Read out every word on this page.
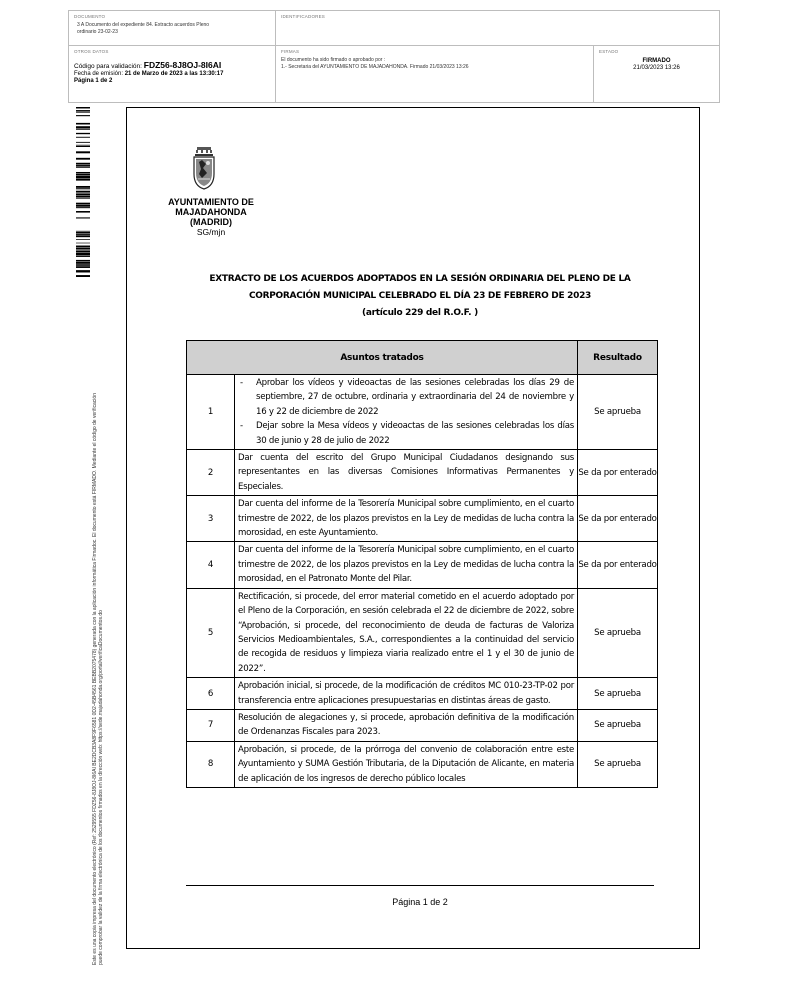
DOCUMENTO
3 A Documento del expediente 84. Extracto acuerdos Pleno ordinario 23-02-23
IDENTIFICADORES
OTROS DATOS
Código para validación: FDZ56-8J8OJ-8I6AI
Fecha de emisión: 21 de Marzo de 2023 a las 13:30:17
Página 1 de 2
FIRMAS
El documento ha sido firmado o aprobado por :
1.- Secretaria del AYUNTAMIENTO DE MAJADAHONDA. Firmado 21/03/2023 13:26
ESTADO
FIRMADO
21/03/2023 13:26
Este es una copia impresa del documento electrónico (Ref: 2529555 FDZ56-8J8OJ-8I6AI BE2DCB3A8F9F6581 0D2-45B4561 BEBB2075478) generada con la aplicación informática Firmadoc. El documento está FIRMADO. Mediante el código de verificación puede comprobar la validez de la firma electrónica de los documentos firmados en la dirección web: https://sede.majadahonda.org/portal/verificaDocumentos.do
AYUNTAMIENTO DE
MAJADAHONDA
(MADRID)
SG/mjn
EXTRACTO DE LOS ACUERDOS ADOPTADOS EN LA SESIÓN ORDINARIA DEL PLENO DE LA
CORPORACIÓN MUNICIPAL CELEBRADO EL DÍA 23 DE FEBRERO DE 2023
(artículo 229 del R.O.F. )
Asuntos tratados		Resultado
1	- Aprobar los vídeos y videoactas de las sesiones celebradas los días 29 de septiembre, 27 de octubre, ordinaria y extraordinaria del 24 de noviembre y 16 y 22 de diciembre de 2022
- Dejar sobre la Mesa vídeos y videoactas de las sesiones celebradas los días 30 de junio y 28 de julio de 2022	Se aprueba
2	Dar cuenta del escrito del Grupo Municipal Ciudadanos designando sus representantes en las diversas Comisiones Informativas Permanentes y Especiales.	Se da por enterado
3	Dar cuenta del informe de la Tesorería Municipal sobre cumplimiento, en el cuarto trimestre de 2022, de los plazos previstos en la Ley de medidas de lucha contra la morosidad, en este Ayuntamiento.	Se da por enterado
4	Dar cuenta del informe de la Tesorería Municipal sobre cumplimiento, en el cuarto trimestre de 2022, de los plazos previstos en la Ley de medidas de lucha contra la morosidad, en el Patronato Monte del Pilar.	Se da por enterado
5	Rectificación, si procede, del error material cometido en el acuerdo adoptado por el Pleno de la Corporación, en sesión celebrada el 22 de diciembre de 2022, sobre “Aprobación, si procede, del reconocimiento de deuda de facturas de Valoriza Servicios Medioambientales, S.A., correspondientes a la continuidad del servicio de recogida de residuos y limpieza viaria realizado entre el 1 y el 30 de junio de 2022”.	Se aprueba
6	Aprobación inicial, si procede, de la modificación de créditos MC 010-23-TP-02 por transferencia entre aplicaciones presupuestarias en distintas áreas de gasto.	Se aprueba
7	Resolución de alegaciones y, si procede, aprobación definitiva de la modificación de Ordenanzas Fiscales para 2023.	Se aprueba
8	Aprobación, si procede, de la prórroga del convenio de colaboración entre este Ayuntamiento y SUMA Gestión Tributaria, de la Diputación de Alicante, en materia de aplicación de los ingresos de derecho público locales	Se aprueba
Página 1 de 2
